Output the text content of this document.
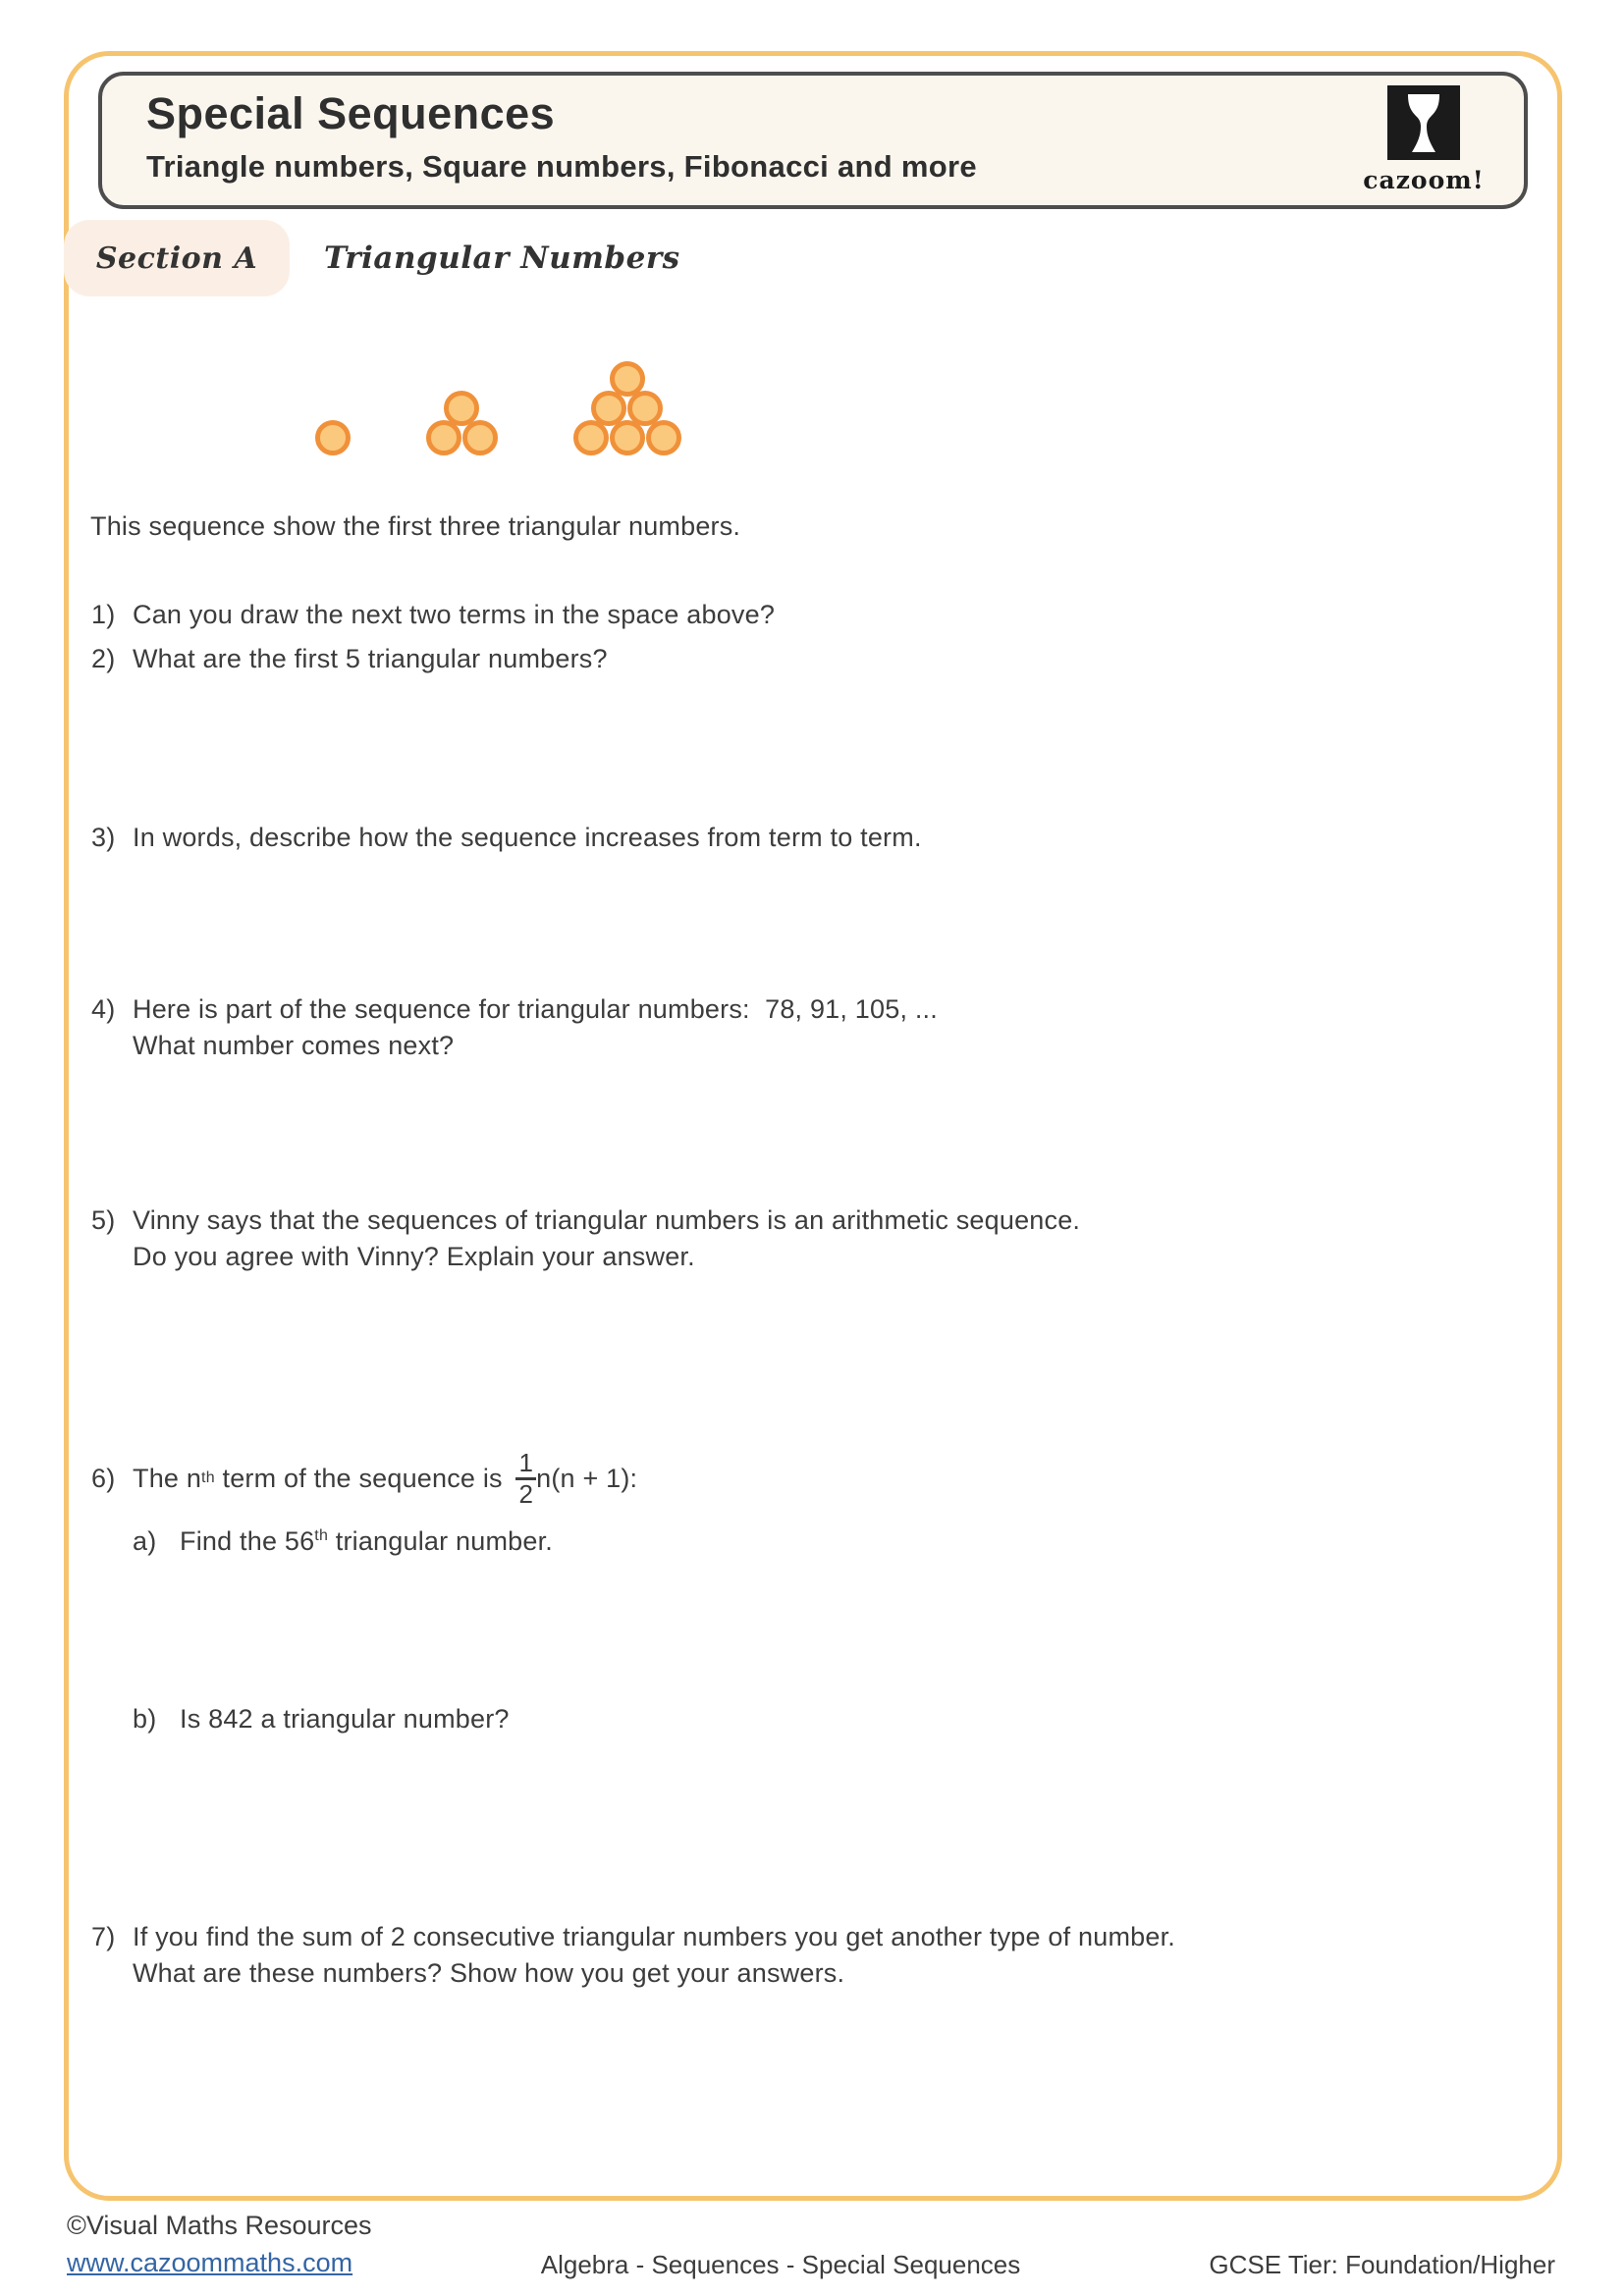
Special Sequences
Triangle numbers, Square numbers, Fibonacci and more	cazoom!
Section A Triangular Numbers
This sequence show the first three triangular numbers.
1) Can you draw the next two terms in the space above?
2) What are the first 5 triangular numbers?
3) In words, describe how the sequence increases from term to term.
4) Here is part of the sequence for triangular numbers:  78, 91, 105, ...
What number comes next?
5) Vinny says that the sequences of triangular numbers is an arithmetic sequence.
Do you agree with Vinny? Explain your answer.
6) The n th term of the sequence is $\frac{1}{2} n(n + 1)$:
a) Find the 56th triangular number.
b) Is 842 a triangular number?
7) If you find the sum of 2 consecutive triangular numbers you get another type of number.
What are these numbers? Show how you get your answers.
©Visual Maths Resources
www.cazoommaths.com	Algebra - Sequences - Special Sequences	GCSE Tier: Foundation/Higher
